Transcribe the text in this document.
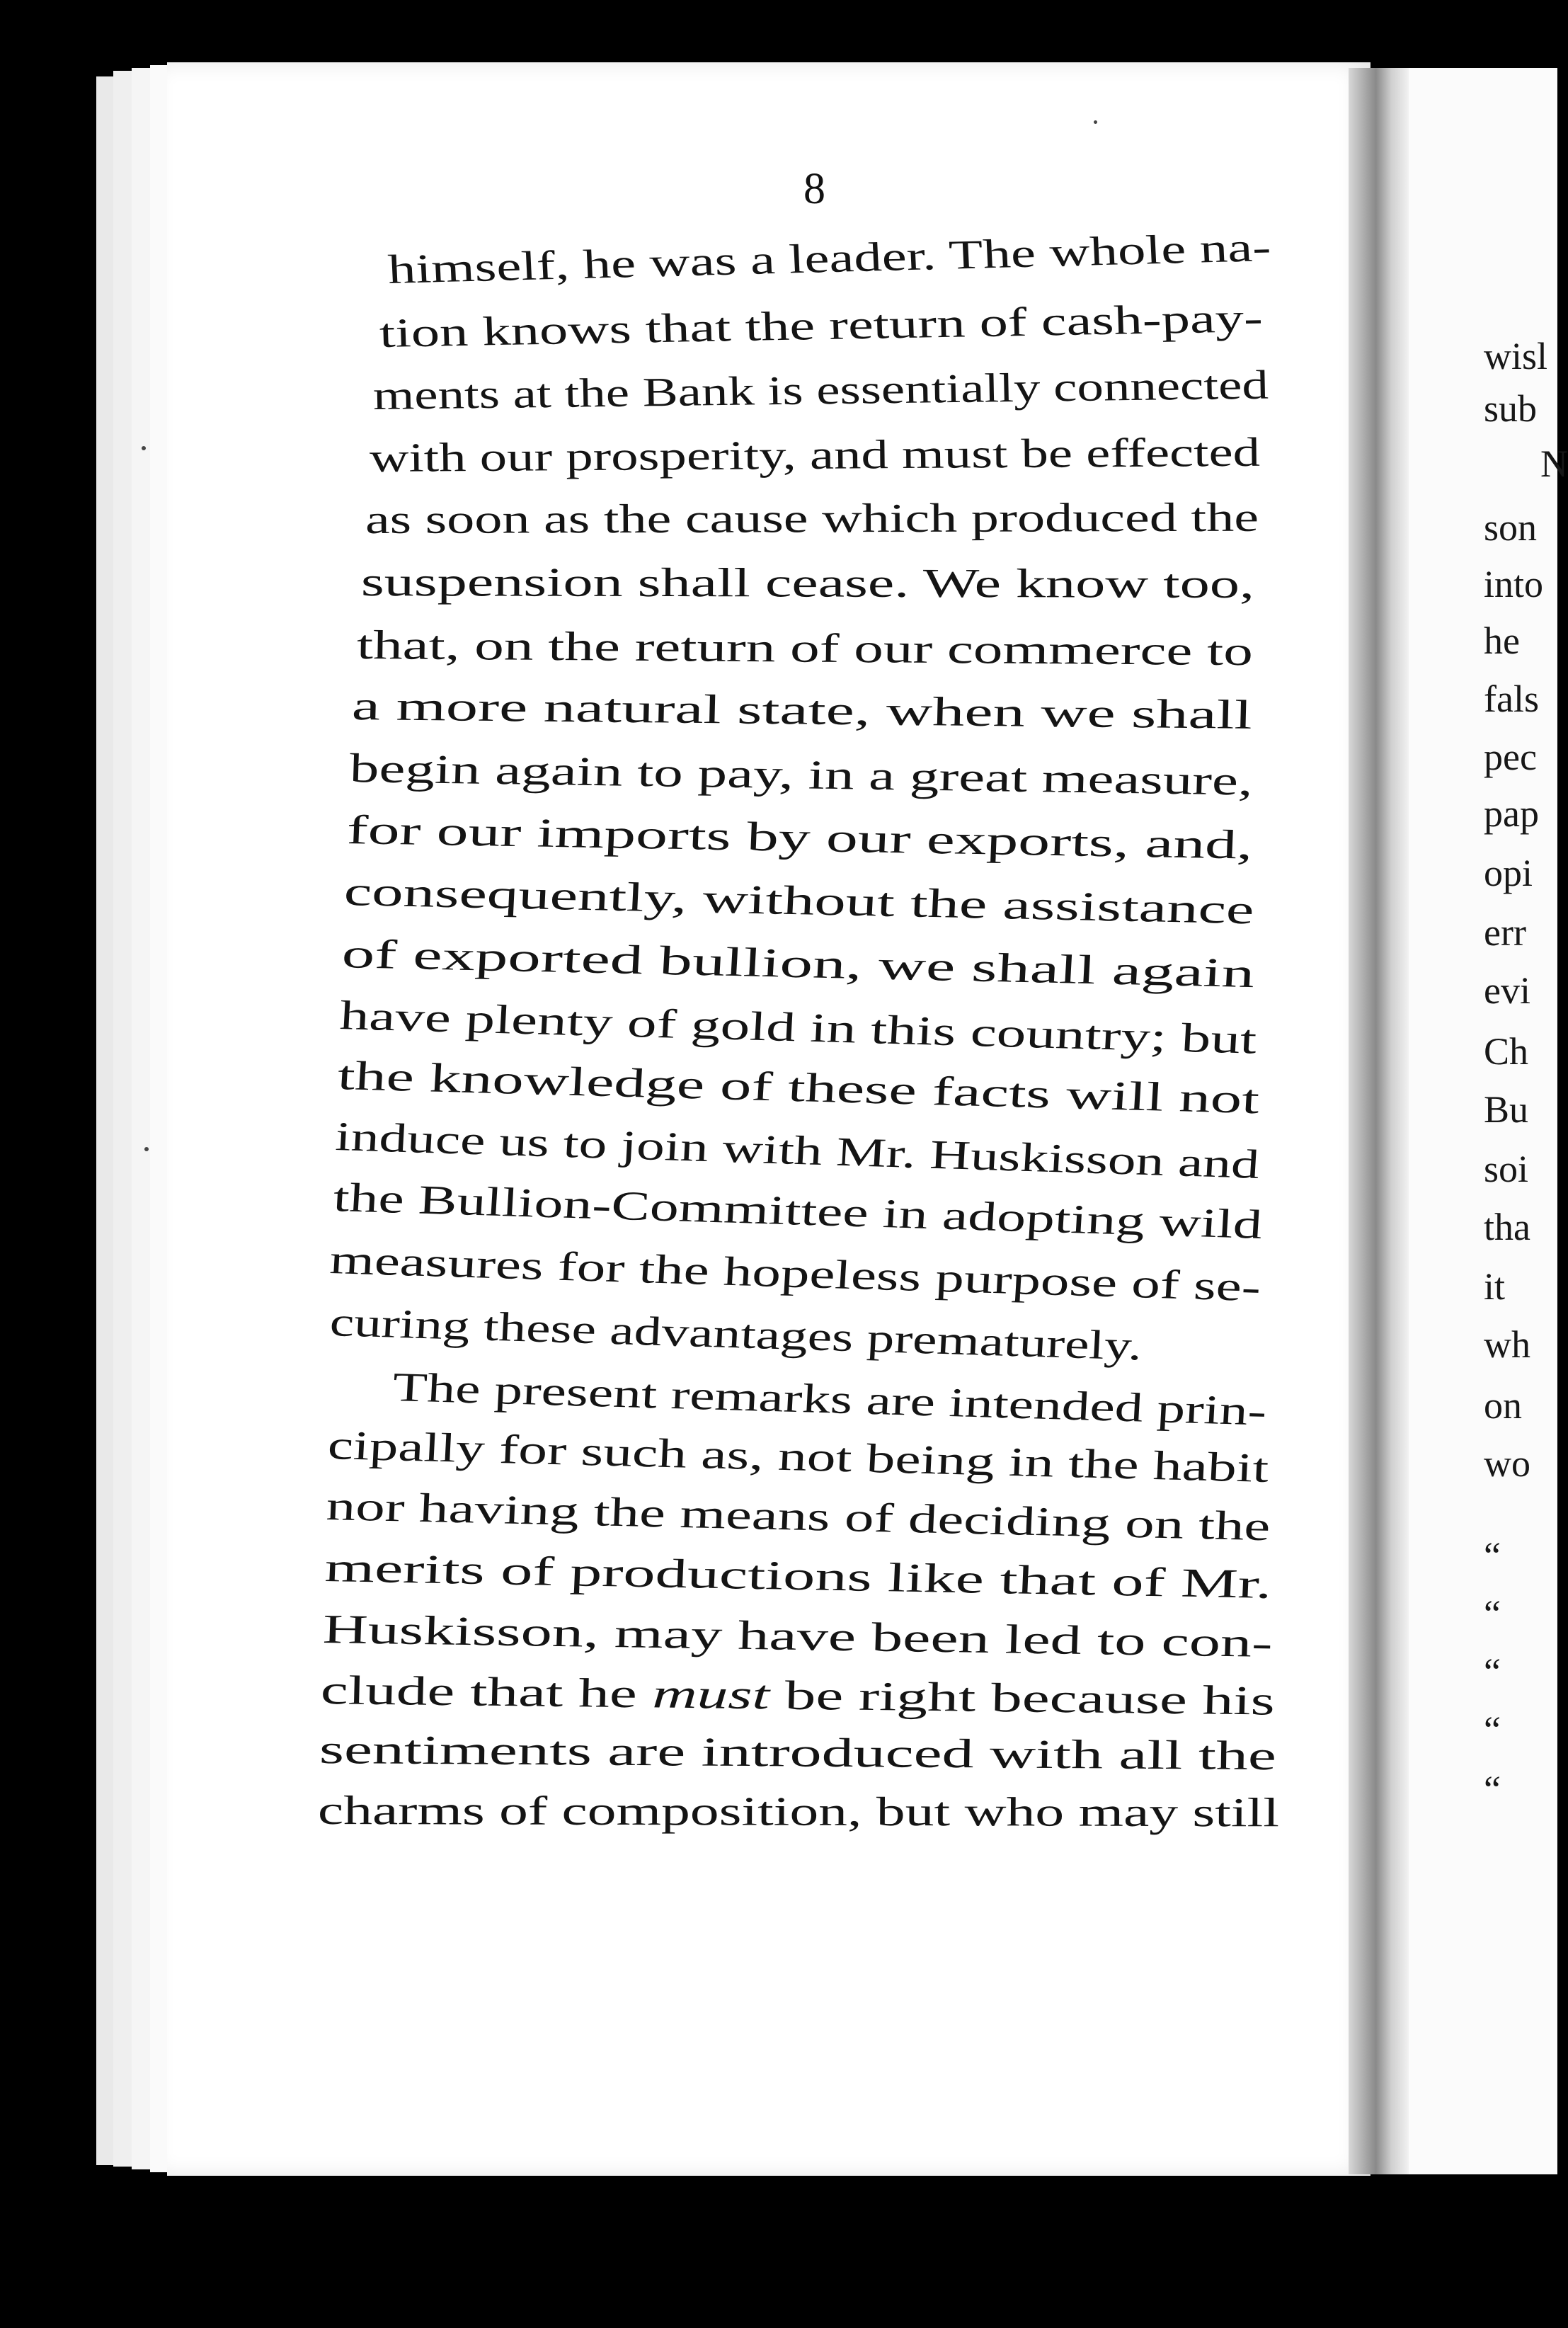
8
himself, he was a leader. The whole na-
tion knows that the return of cash-pay-
ments at the Bank is essentially connected
with our prosperity, and must be effected
as soon as the cause which produced the
suspension shall cease. We know too,
that, on the return of our commerce to
a more natural state, when we shall
begin again to pay, in a great measure,
for our imports by our exports, and,
consequently, without the assistance
of exported bullion, we shall again
have plenty of gold in this country; but
the knowledge of these facts will not
induce us to join with Mr. Huskisson and
the Bullion-Committee in adopting wild
measures for the hopeless purpose of se-
curing these advantages prematurely.
The present remarks are intended prin-
cipally for such as, not being in the habit
nor having the means of deciding on the
merits of productions like that of Mr.
Huskisson, may have been led to con-
clude that he must be right because his
sentiments are introduced with all the
charms of composition, but who may still
wisl
sub
N
son
into
he
fals
pec
pap
opi
err
evi
Ch
Bu
soi
tha
it
wh
on
wo
“
“
“
“
“
